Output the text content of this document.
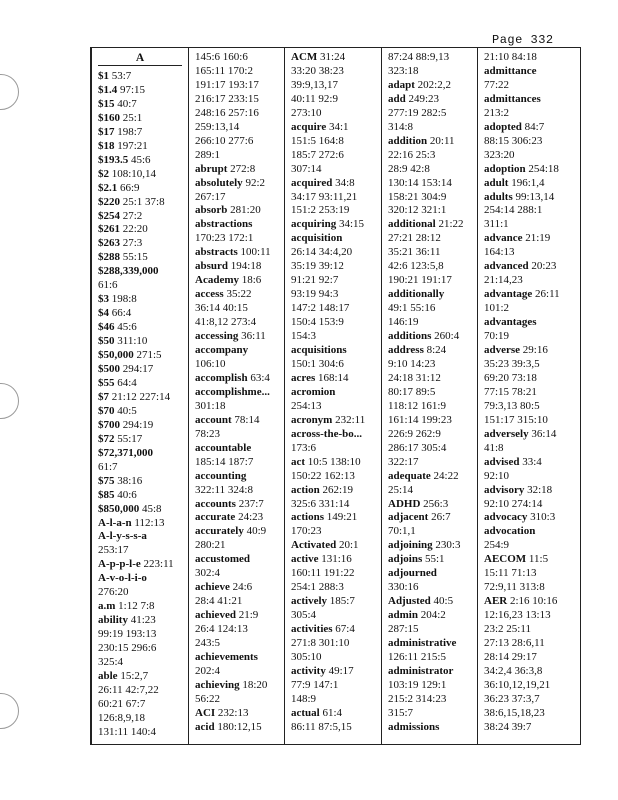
Page 332
A
$1 53:7
$1.4 97:15
$15 40:7
$160 25:1
$17 198:7
$18 197:21
$193.5 45:6
$2 108:10,14
$2.1 66:9
$220 25:1 37:8
$254 27:2
$261 22:20
$263 27:3
$288 55:15
$288,339,000
61:6
$3 198:8
$4 66:4
$46 45:6
$50 311:10
$50,000 271:5
$500 294:17
$55 64:4
$7 21:12 227:14
$70 40:5
$700 294:19
$72 55:17
$72,371,000
61:7
$75 38:16
$85 40:6
$850,000 45:8
A-l-a-n 112:13
A-l-y-s-s-a
253:17
A-p-p-l-e 223:11
A-v-o-l-i-o
276:20
a.m 1:12 7:8
ability 41:23
99:19 193:13
230:15 296:6
325:4
able 15:2,7
26:11 42:7,22
60:21 67:7
126:8,9,18
131:11 140:4
145:6 160:6
165:11 170:2
191:17 193:17
216:17 233:15
248:16 257:16
259:13,14
266:10 277:6
289:1
abrupt 272:8
absolutely 92:2
267:17
absorb 281:20
abstractions
170:23 172:1
abstracts 100:11
absurd 194:18
Academy 18:6
access 35:22
36:14 40:15
41:8,12 273:4
accessing 36:11
accompany
106:10
accomplish 63:4
accomplishme...
301:18
account 78:14
78:23
accountable
185:14 187:7
accounting
322:11 324:8
accounts 237:7
accurate 24:23
accurately 40:9
280:21
accustomed
302:4
achieve 24:6
28:4 41:21
achieved 21:9
26:4 124:13
243:5
achievements
202:4
achieving 18:20
56:22
ACI 232:13
acid 180:12,15
ACM 31:24
33:20 38:23
39:9,13,17
40:11 92:9
273:10
acquire 34:1
151:5 164:8
185:7 272:6
307:14
acquired 34:8
34:17 93:11,21
151:2 253:19
acquiring 34:15
acquisition
26:14 34:4,20
35:19 39:12
91:21 92:7
93:19 94:3
147:2 148:17
150:4 153:9
154:3
acquisitions
150:1 304:6
acres 168:14
acromion
254:13
acronym 232:11
across-the-bo...
173:6
act 10:5 138:10
150:22 162:13
action 262:19
325:6 331:14
actions 149:21
170:23
Activated 20:1
active 131:16
160:11 191:22
254:1 288:3
actively 185:7
305:4
activities 67:4
271:8 301:10
305:10
activity 49:17
77:9 147:1
148:9
actual 61:4
86:11 87:5,15
87:24 88:9,13
323:18
adapt 202:2,2
add 249:23
277:19 282:5
314:8
addition 20:11
22:16 25:3
28:9 42:8
130:14 153:14
158:21 304:9
320:12 321:1
additional 21:22
27:21 28:12
35:21 36:11
42:6 123:5,8
190:21 191:17
additionally
49:1 55:16
146:19
additions 260:4
address 8:24
9:10 14:23
24:18 31:12
80:17 89:5
118:12 161:9
161:14 199:23
226:9 262:9
286:17 305:4
322:17
adequate 24:22
25:14
ADHD 256:3
adjacent 26:7
70:1,1
adjoining 230:3
adjoins 55:1
adjourned
330:16
Adjusted 40:5
admin 204:2
287:15
administrative
126:11 215:5
administrator
103:19 129:1
215:2 314:23
315:7
admissions
21:10 84:18
admittance
77:22
admittances
213:2
adopted 84:7
88:15 306:23
323:20
adoption 254:18
adult 196:1,4
adults 99:13,14
254:14 288:1
311:1
advance 21:19
164:13
advanced 20:23
21:14,23
advantage 26:11
101:2
advantages
70:19
adverse 29:16
35:23 39:3,5
69:20 73:18
77:15 78:21
79:3,13 80:5
151:17 315:10
adversely 36:14
41:8
advised 33:4
92:10
advisory 32:18
92:10 274:14
advocacy 310:3
advocation
254:9
AECOM 11:5
15:11 71:13
72:9,11 313:8
AER 2:16 10:16
12:16,23 13:13
23:2 25:11
27:13 28:6,11
28:14 29:17
34:2,4 36:3,8
36:10,12,19,21
36:23 37:3,7
38:6,15,18,23
38:24 39:7
